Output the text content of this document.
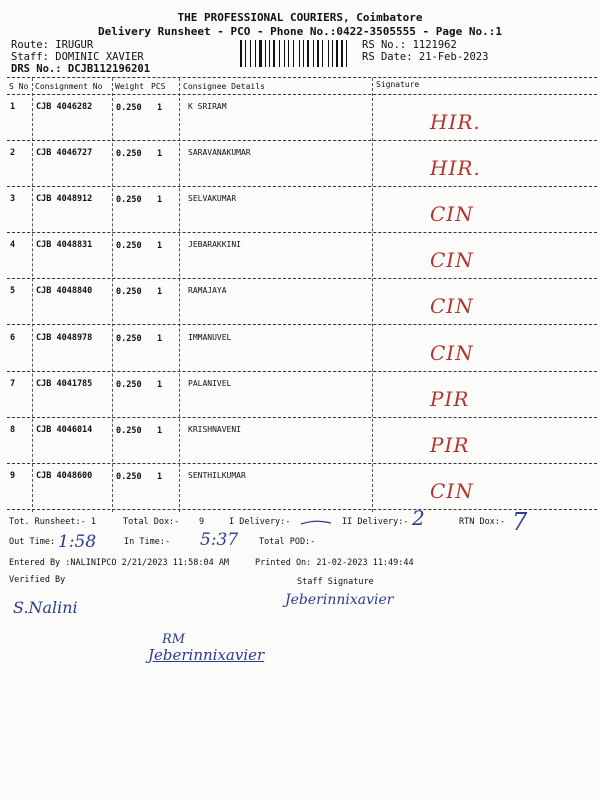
THE PROFESSIONAL COURIERS, Coimbatore
Delivery Runsheet - PCO - Phone No.:0422-3505555 - Page No.:1
Route: IRUGUR
Staff: DOMINIC XAVIER
DRS No.: DCJB112196201
RS No.: 1121962
RS Date: 21-Feb-2023
S No Consignment No Weight PCS Consignee Details	Signature
1 CJB 4046282	0.250 1	K SRIRAM
HIR.
2 CJB 4046727	0.250 1	SARAVANAKUMAR
HIR.
3 CJB 4048912	0.250 1	SELVAKUMAR
CIN
4 CJB 4048831	0.250 1	JEBARAKKINI
CIN
5 CJB 4048840	0.250 1	RAMAJAYA
CIN
6 CJB 4048978	0.250 1	IMMANUVEL
CIN
7 CJB 4041785	0.250 1	PALANIVEL
PIR
8 CJB 4046014	0.250 1	KRISHNAVENI
PIR
9 CJB 4048600	0.250 1	SENTHILKUMAR
CIN
Tot. Runsheet:- 1	Total Dox:- 9	I Delivery:-	II Delivery:- 2	RTN Dox:- 7
Out Time: 1:58	In Time:- 5:37 Total POD:-
Entered By :NALINIPCO 2/21/2023 11:58:04 AM	Printed On: 21-02-2023 11:49:44
Verified By	Staff Signature
S.Nalini	Jeberinnixavier
RM
Jeberinnixavier
